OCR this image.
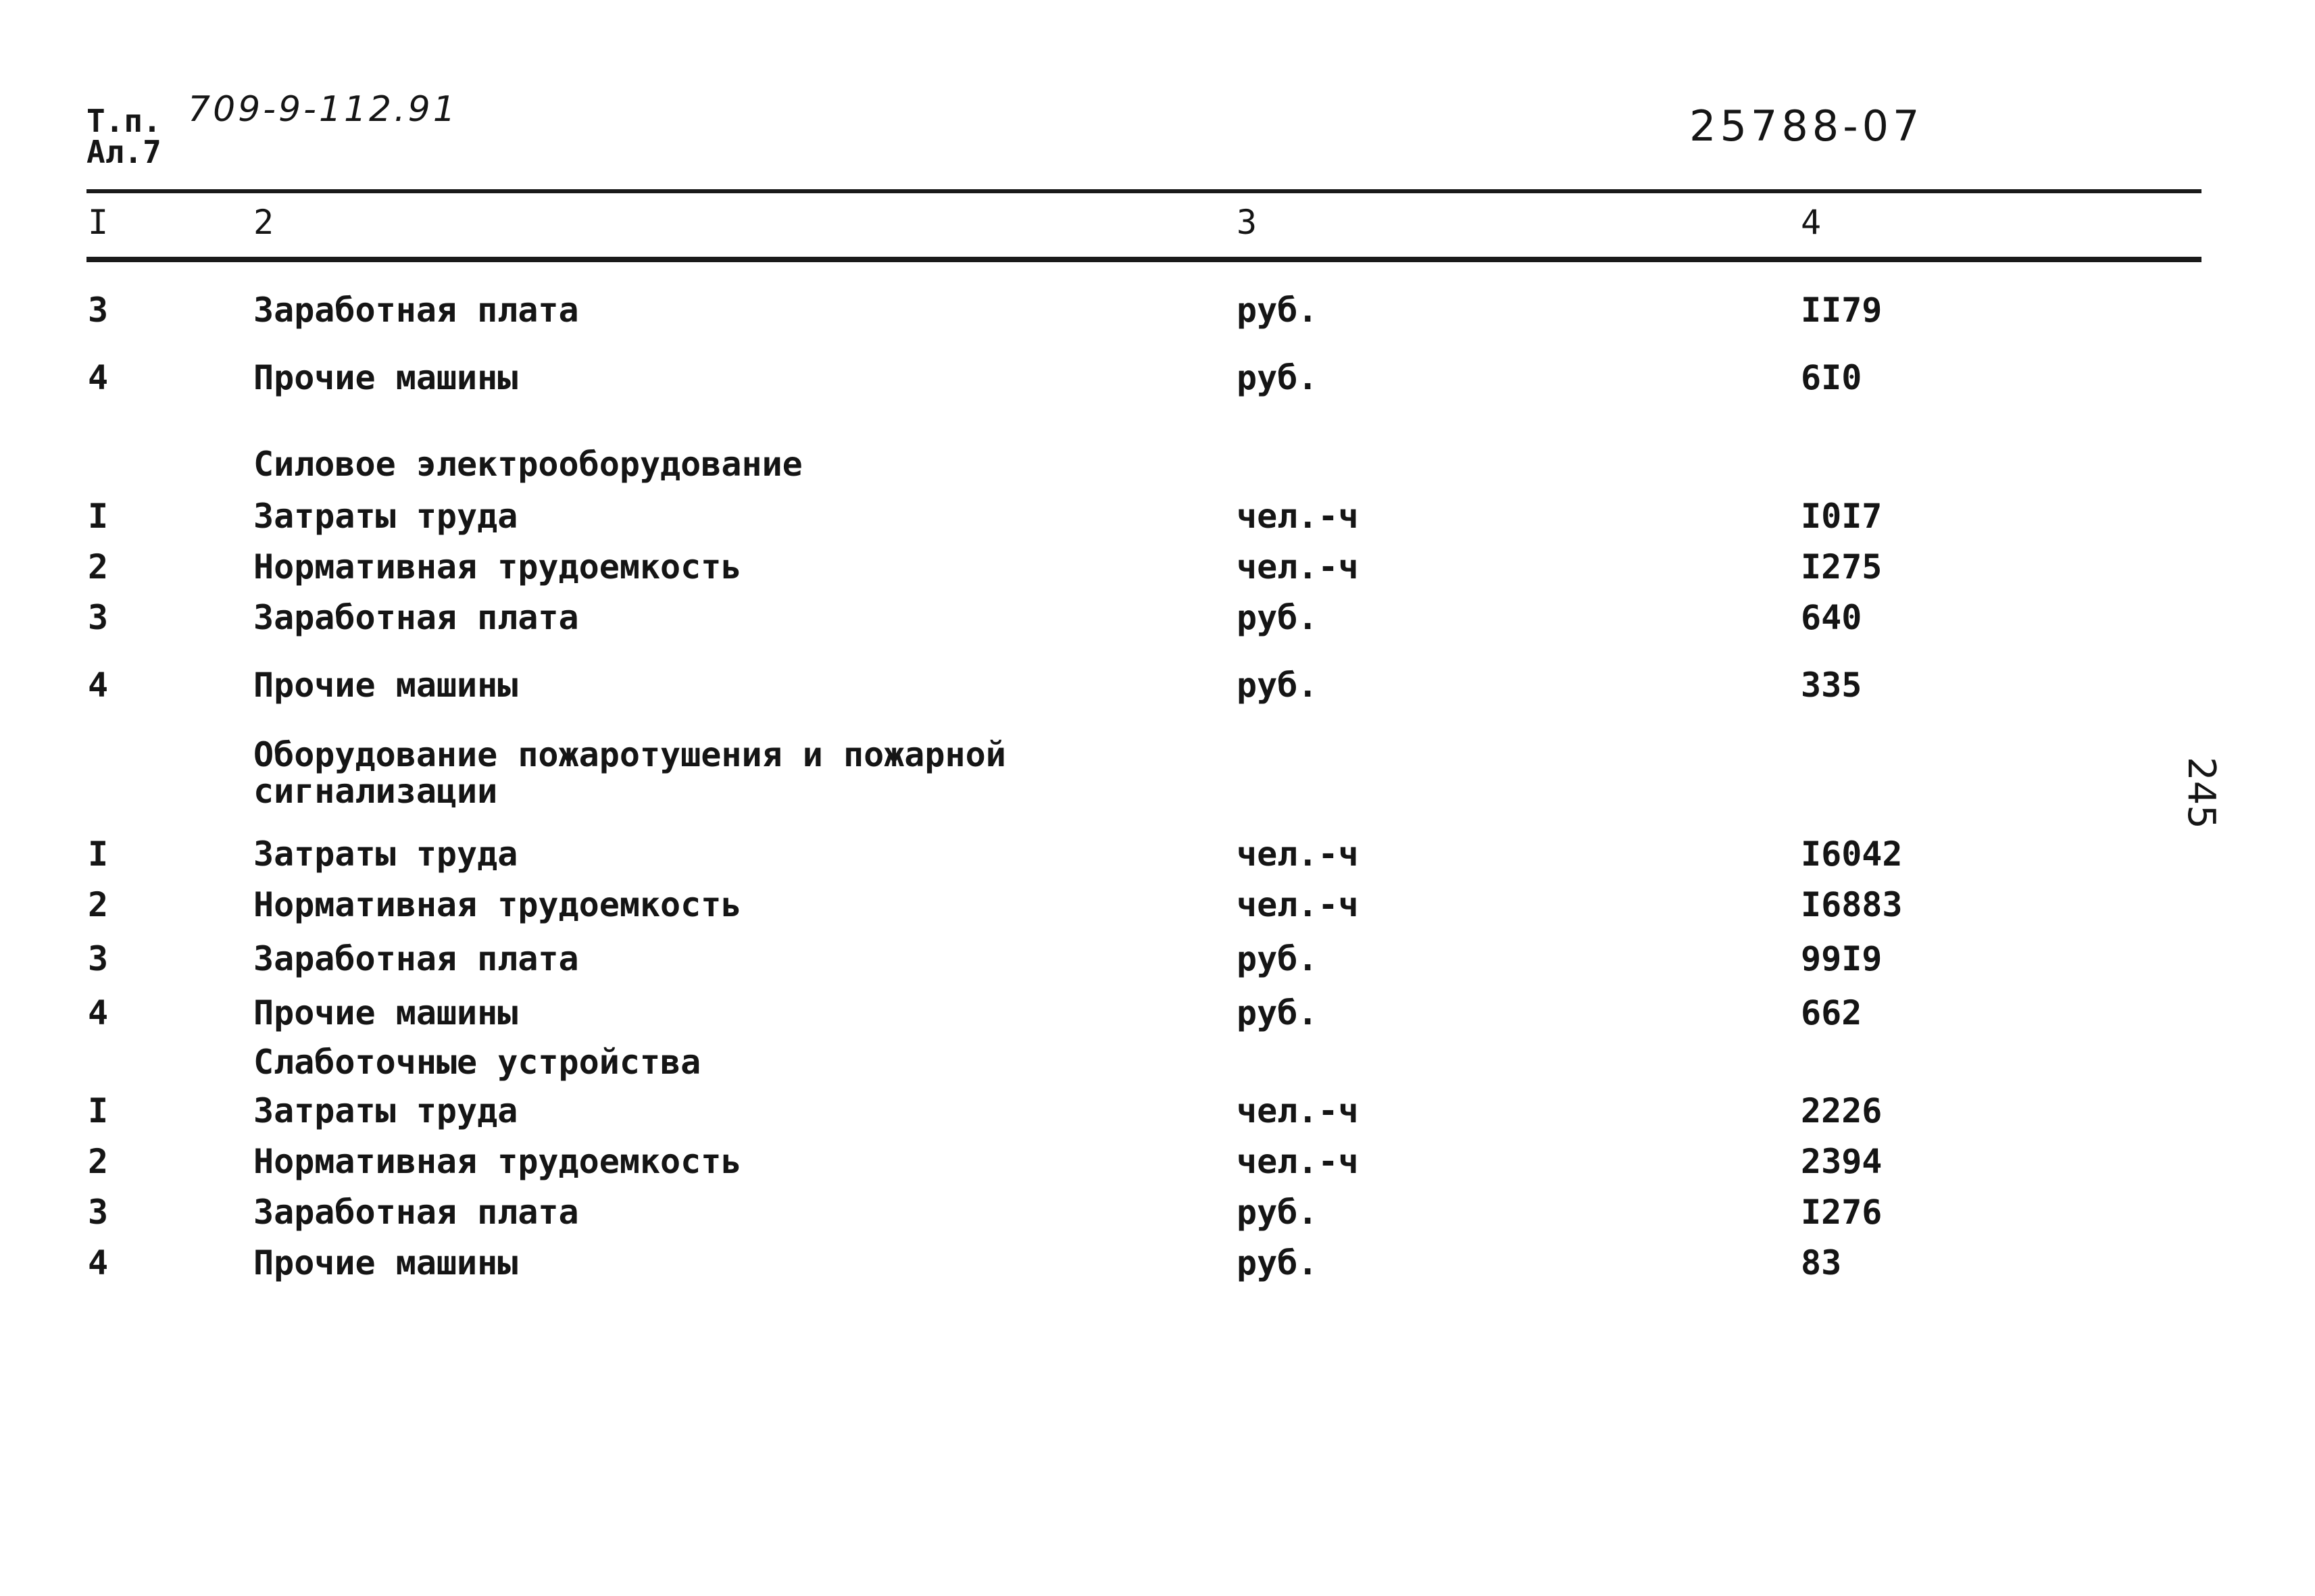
Т.п. 709-9-112.91
Ал.7
25788-07
245
I	2	3	4
3	Заработная плата	руб.	II79
4	Прочие машины	руб.	6I0
Силовое электрооборудование
I	Затраты труда	чел.-ч	I0I7
2	Нормативная трудоемкость	чел.-ч	I275
3	Заработная плата	руб.	640
4	Прочие машины	руб.	335
Оборудование пожаротушения и пожарной
сигнализации
I	Затраты труда	чел.-ч	I6042
2	Нормативная трудоемкость	чел.-ч	I6883
3	Заработная плата	руб.	99I9
4	Прочие машины	руб.	662
Слаботочные устройства
I	Затраты труда	чел.-ч	2226
2	Нормативная трудоемкость	чел.-ч	2394
3	Заработная плата	руб.	I276
4	Прочие машины	руб.	83
